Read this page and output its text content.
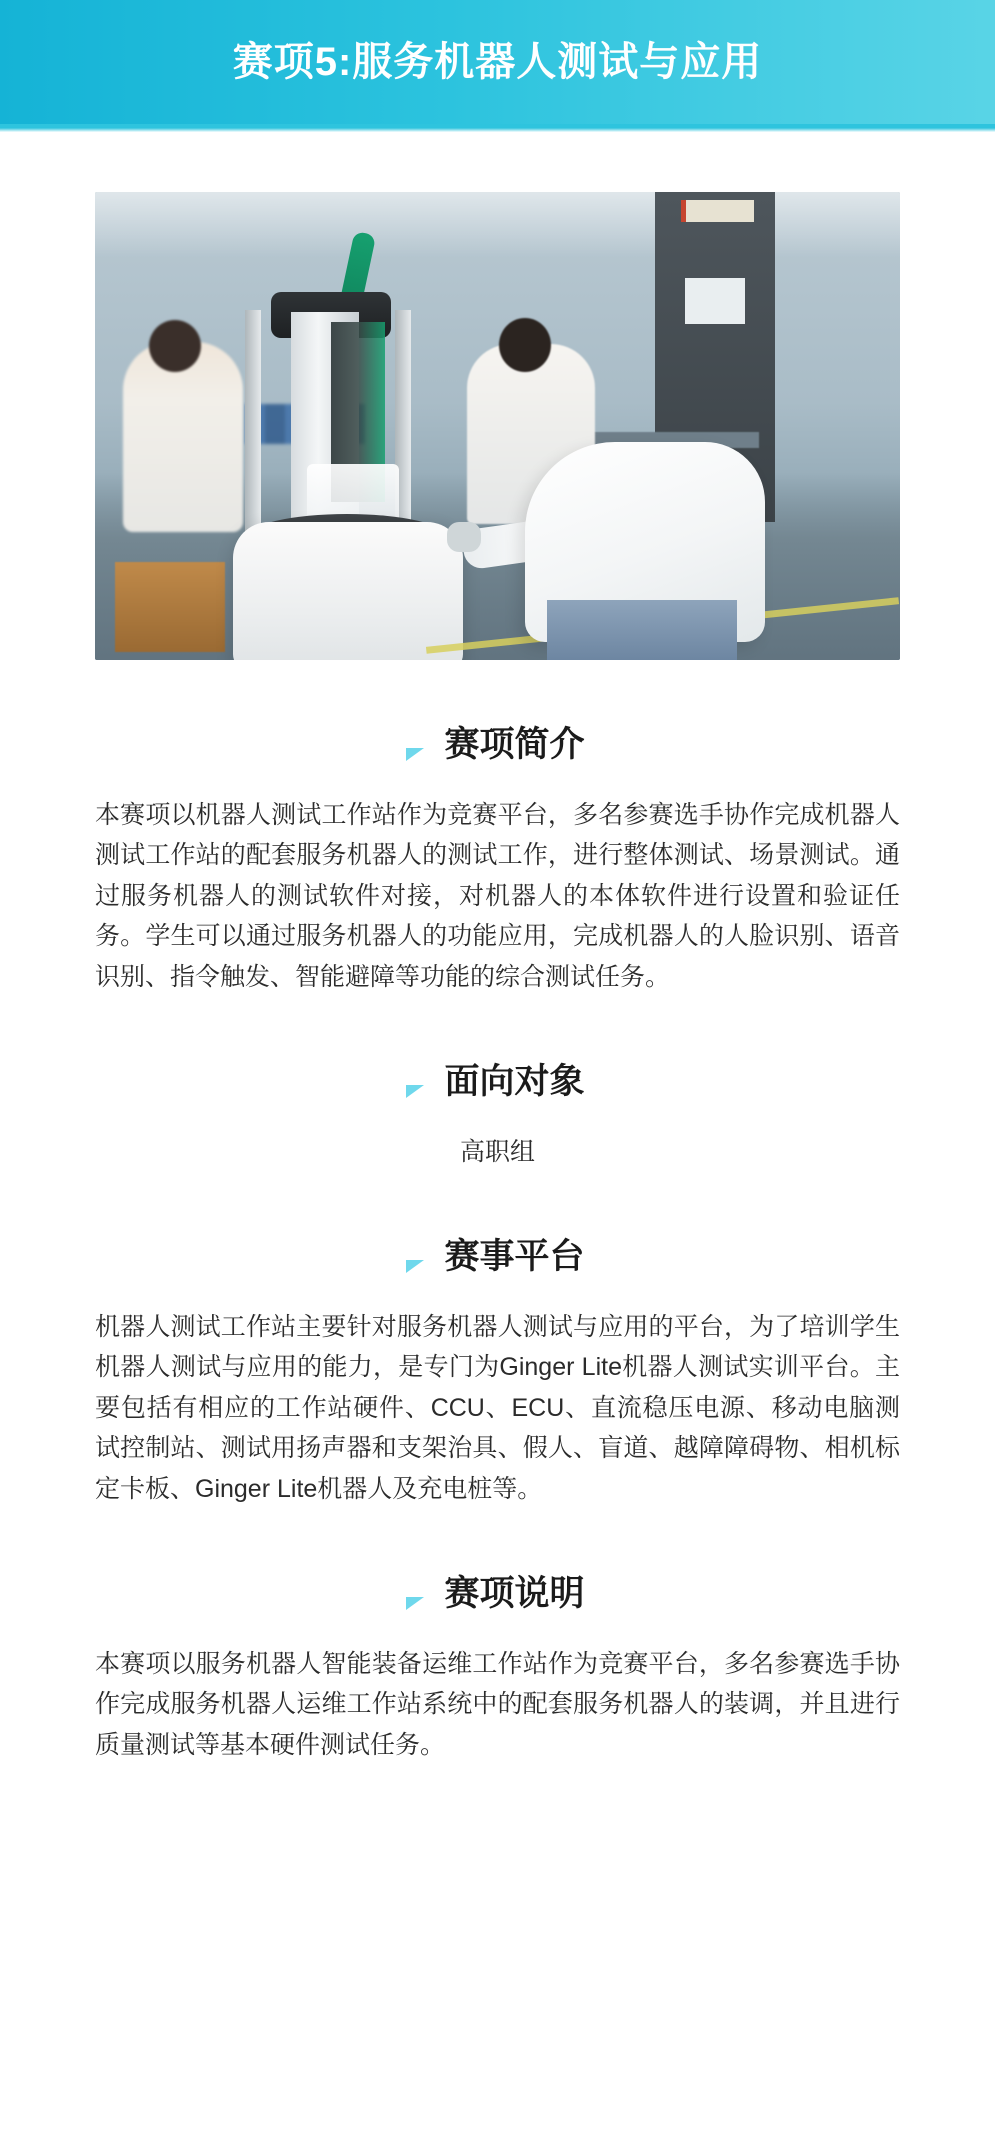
赛项5:服务机器人测试与应用
赛项简介

本赛项以机器人测试工作站作为竞赛平台，多名参赛选手协作完成机器人测试工作站的配套服务机器人的测试工作，进行整体测试、场景测试。通过服务机器人的测试软件对接，对机器人的本体软件进行设置和验证任务。学生可以通过服务机器人的功能应用，完成机器人的人脸识别、语音识别、指令触发、智能避障等功能的综合测试任务。

面向对象

高职组

赛事平台

机器人测试工作站主要针对服务机器人测试与应用的平台，为了培训学生机器人测试与应用的能力，是专门为Ginger Lite机器人测试实训平台。主要包括有相应的工作站硬件、CCU、ECU、直流稳压电源、移动电脑测试控制站、测试用扬声器和支架治具、假人、盲道、越障障碍物、相机标定卡板、Ginger Lite机器人及充电桩等。

赛项说明

本赛项以服务机器人智能装备运维工作站作为竞赛平台，多名参赛选手协作完成服务机器人运维工作站系统中的配套服务机器人的装调，并且进行质量测试等基本硬件测试任务。
